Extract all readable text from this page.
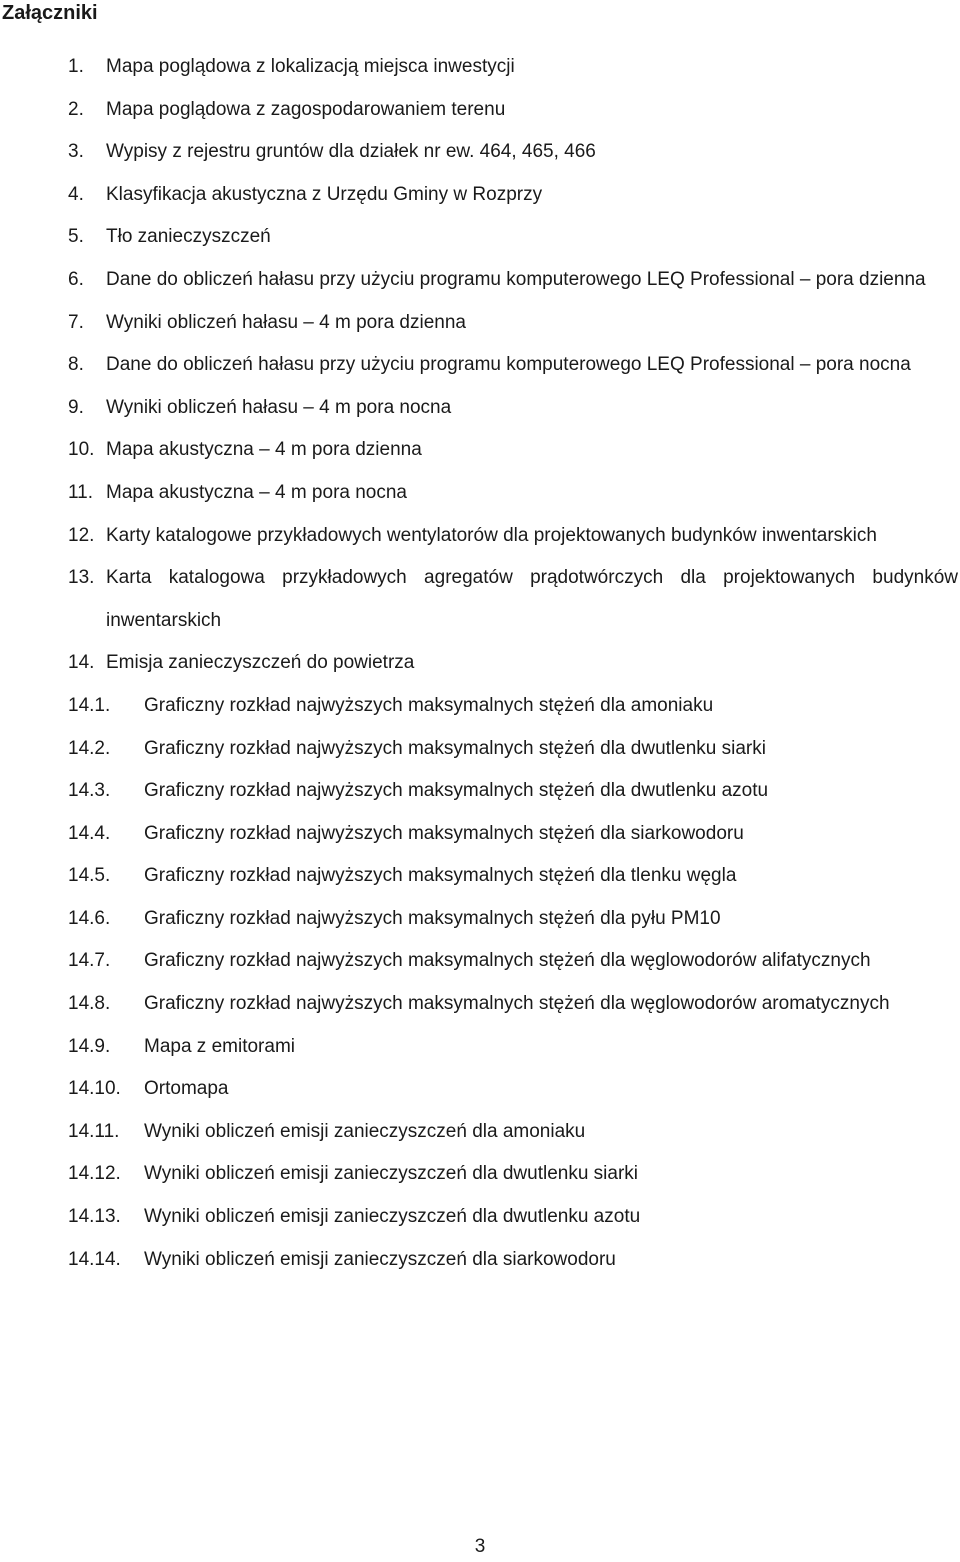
Załączniki
1. Mapa poglądowa z lokalizacją miejsca inwestycji
2. Mapa poglądowa z zagospodarowaniem terenu
3. Wypisy z rejestru gruntów dla działek nr ew. 464, 465, 466
4. Klasyfikacja akustyczna z Urzędu Gminy w Rozprzy
5. Tło zanieczyszczeń
6. Dane do obliczeń hałasu przy użyciu programu komputerowego LEQ Professional – pora dzienna
7. Wyniki obliczeń hałasu – 4 m pora dzienna
8. Dane do obliczeń hałasu przy użyciu programu komputerowego LEQ Professional – pora nocna
9. Wyniki obliczeń hałasu – 4 m pora nocna
10. Mapa akustyczna – 4 m pora dzienna
11. Mapa akustyczna – 4 m pora nocna
12. Karty katalogowe przykładowych wentylatorów dla projektowanych budynków inwentarskich
13. Karta katalogowa przykładowych agregatów prądotwórczych dla projektowanych budynków inwentarskich
14. Emisja zanieczyszczeń do powietrza
14.1. Graficzny rozkład najwyższych maksymalnych stężeń dla amoniaku
14.2. Graficzny rozkład najwyższych maksymalnych stężeń dla dwutlenku siarki
14.3. Graficzny rozkład najwyższych maksymalnych stężeń dla dwutlenku azotu
14.4. Graficzny rozkład najwyższych maksymalnych stężeń dla siarkowodoru
14.5. Graficzny rozkład najwyższych maksymalnych stężeń dla tlenku węgla
14.6. Graficzny rozkład najwyższych maksymalnych stężeń dla pyłu PM10
14.7. Graficzny rozkład najwyższych maksymalnych stężeń dla węglowodorów alifatycznych
14.8.	Graficzny rozkład najwyższych maksymalnych stężeń dla węglowodorów aromatycznych
14.9. Mapa z emitorami
14.10. Ortomapa
14.11. Wyniki obliczeń emisji zanieczyszczeń dla amoniaku
14.12. Wyniki obliczeń emisji zanieczyszczeń dla dwutlenku siarki
14.13. Wyniki obliczeń emisji zanieczyszczeń dla dwutlenku azotu
14.14. Wyniki obliczeń emisji zanieczyszczeń dla siarkowodoru
3
